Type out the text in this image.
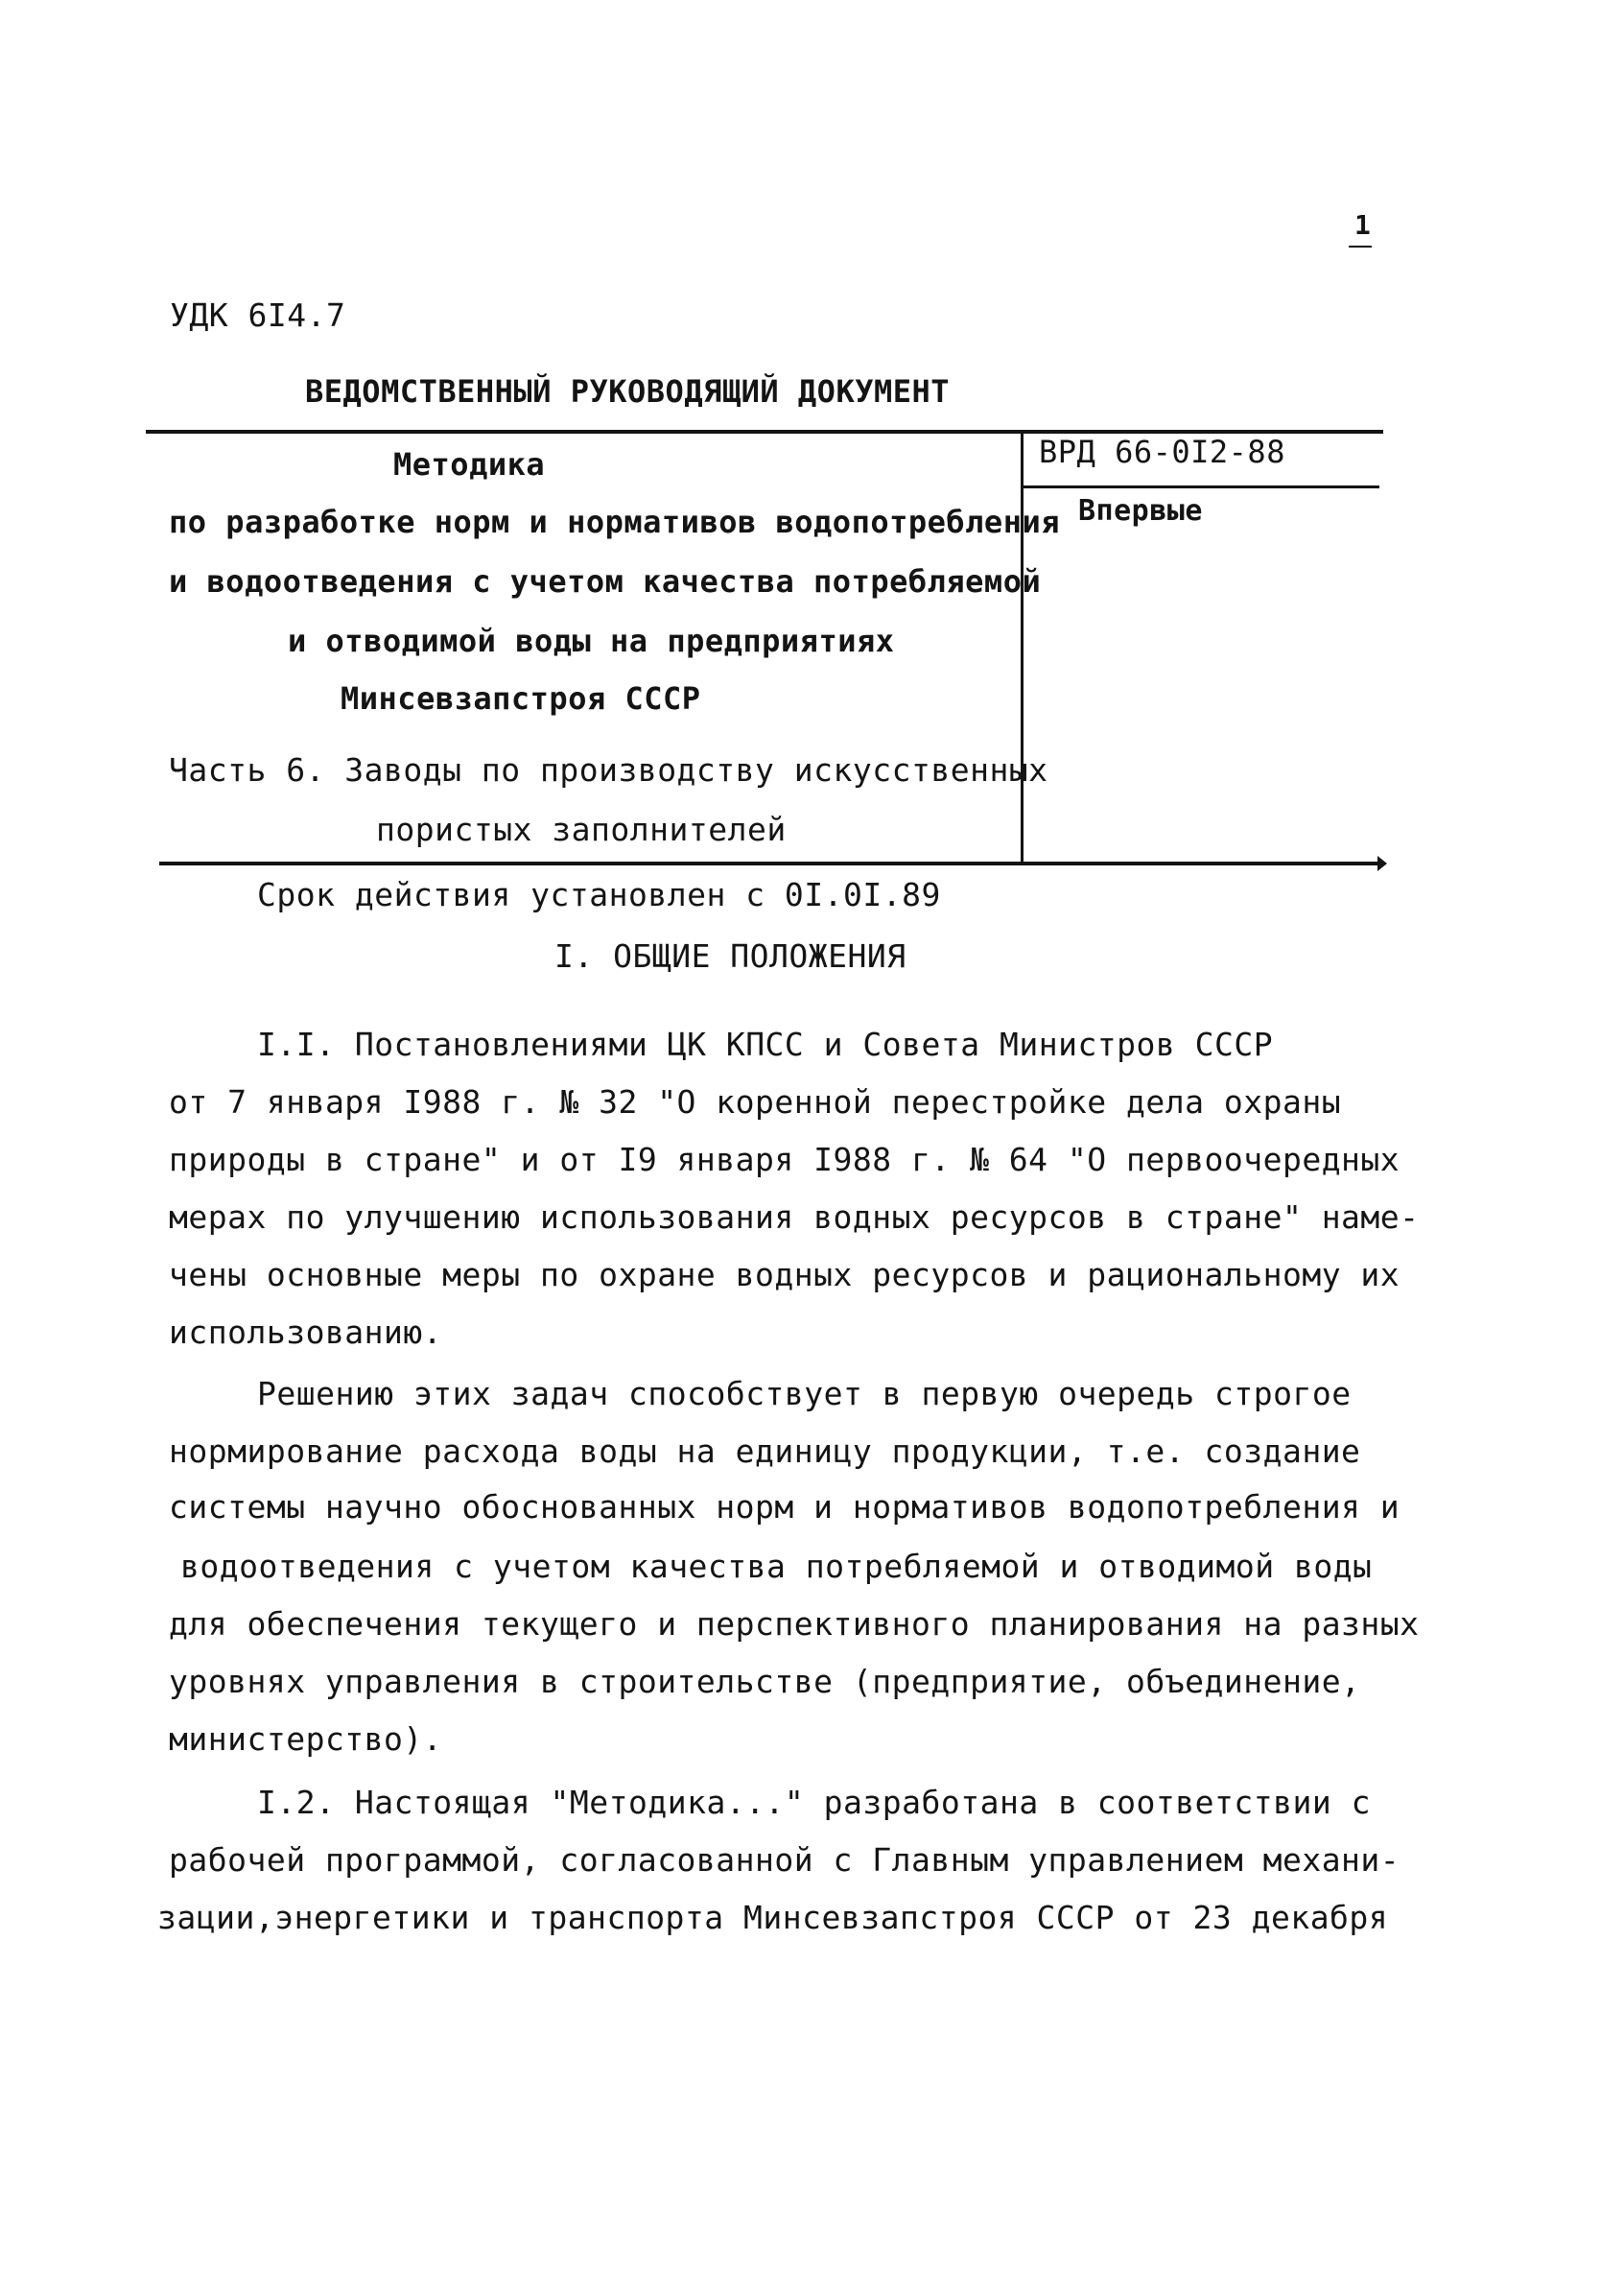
1
УДК 6I4.7
ВЕДОМСТВЕННЫЙ РУКОВОДЯЩИЙ ДОКУМЕНТ
Методика
по разработке норм и нормативов водопотребления
и водоотведения с учетом качества потребляемой
и отводимой воды на предприятиях
Минсевзапстроя СССР
Часть 6. Заводы по производству искусственных
пористых заполнителей
ВРД 66-0I2-88
Впервые
Срок действия установлен с 0I.0I.89
I. ОБЩИЕ ПОЛОЖЕНИЯ
I.I. Постановлениями ЦК КПСС и Совета Министров СССР
от 7 января I988 г. № 32 "О коренной перестройке дела охраны
природы в стране" и от I9 января I988 г. № 64 "О первоочередных
мерах по улучшению использования водных ресурсов в стране" наме-
чены основные меры по охране водных ресурсов и рациональному их
использованию.
Решению этих задач способствует в первую очередь строгое
нормирование расхода воды на единицу продукции, т.е. создание
системы научно обоснованных норм и нормативов водопотребления и
водоотведения с учетом качества потребляемой и отводимой воды
для обеспечения текущего и перспективного планирования на разных
уровнях управления в строительстве (предприятие, объединение,
министерство).
I.2. Настоящая "Методика..." разработана в соответствии с
рабочей программой, согласованной с Главным управлением механи-
зации,энергетики и транспорта Минсевзапстроя СССР от 23 декабря
